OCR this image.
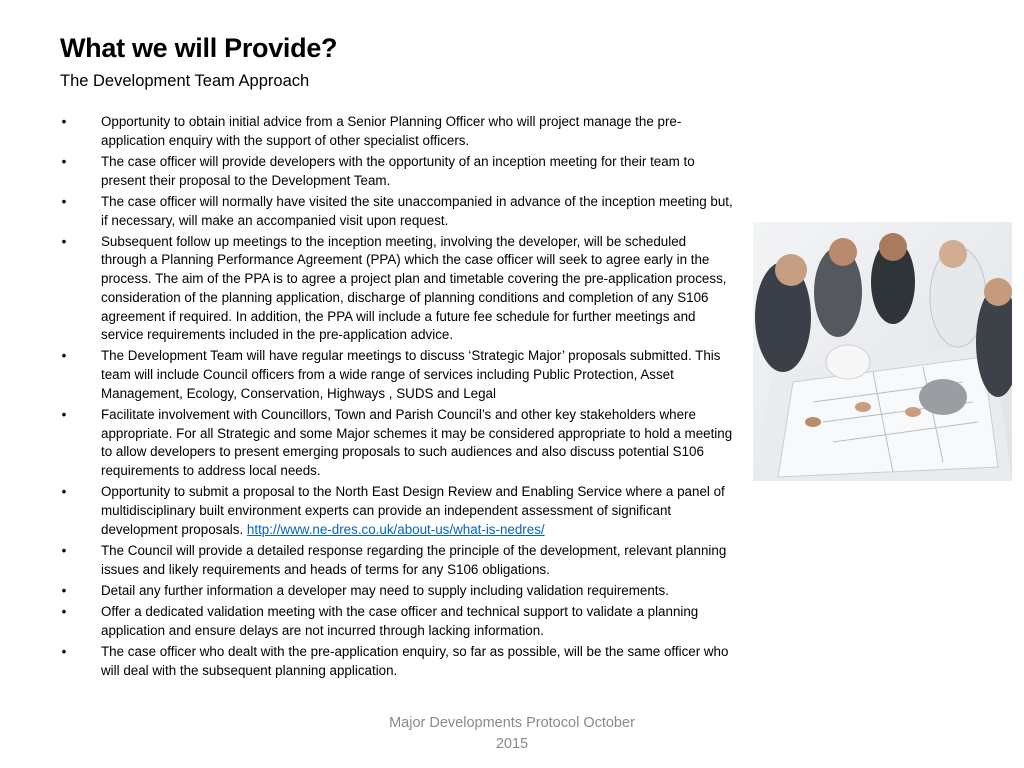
What we will Provide?
The Development Team Approach
•	Opportunity to obtain initial advice from a Senior Planning Officer who will project manage the pre-application enquiry with the support of other specialist officers.
•	The case officer will provide developers with the opportunity of an inception meeting for their team to present their proposal to the Development Team.
•	The case officer will normally have visited the site unaccompanied in advance of the inception meeting but, if necessary, will make an accompanied visit upon request.
•	Subsequent follow up meetings to the inception meeting, involving the developer, will be scheduled through a Planning Performance Agreement (PPA) which the case officer will seek to agree early in the process. The aim of the PPA is to agree a project plan and timetable covering the pre-application process, consideration of the planning application, discharge of planning conditions and completion of any S106 agreement if required. In addition, the PPA will include a future fee schedule for further meetings and service requirements included in the pre-application advice.
•	The Development Team will have regular meetings to discuss ‘Strategic Major’ proposals submitted. This team will include Council officers from a wide range of services including Public Protection, Asset Management, Ecology, Conservation, Highways , SUDS and Legal
•	Facilitate involvement with Councillors, Town and Parish Council’s and other key stakeholders where appropriate. For all Strategic and some Major schemes it may be considered appropriate to hold a meeting to allow developers to present emerging proposals to such audiences and also discuss potential S106 requirements to address local needs.
•	Opportunity to submit a proposal to the North East Design Review and Enabling Service where a panel of multidisciplinary built environment experts can provide an independent assessment of significant development proposals. http://www.ne-dres.co.uk/about-us/what-is-nedres/
•	The Council will provide a detailed response regarding the principle of the development, relevant planning issues and likely requirements and heads of terms for any S106 obligations.
•	Detail any further information a developer may need to supply including validation requirements.
•	Offer a dedicated validation meeting with the case officer and technical support to validate a planning application and ensure delays are not incurred through lacking information.
•	The case officer who dealt with the pre-application enquiry, so far as possible, will be the same officer who will deal with the subsequent planning application.
Major Developments Protocol October
2015
